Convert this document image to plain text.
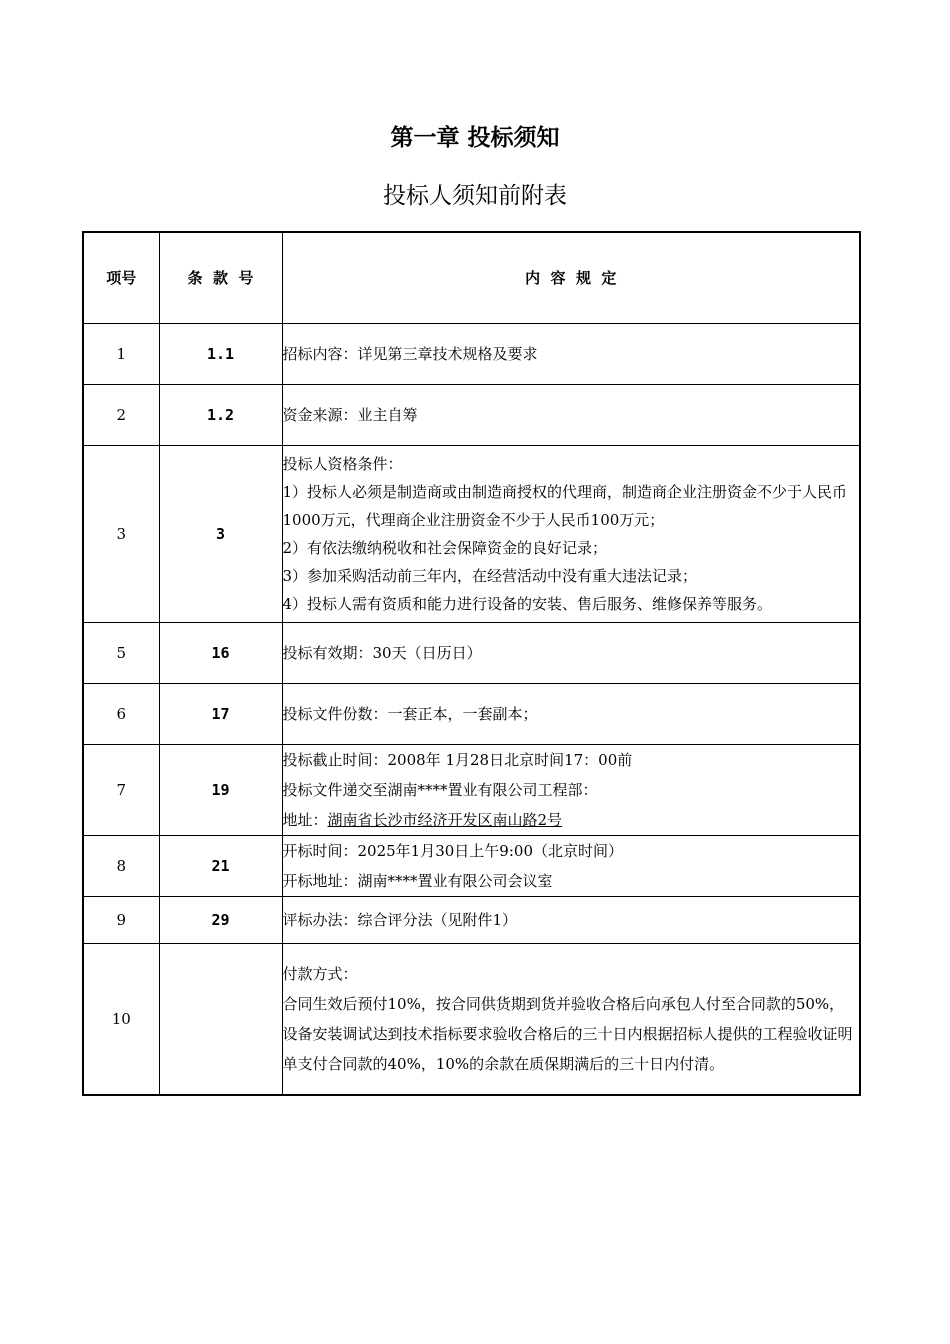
第一章 投标须知
投标人须知前附表
项号	条  款  号	内  容  规  定
1	1.1	招标内容：详见第三章技术规格及要求

2	1.2	资金来源：业主自筹

3	3	投标人资格条件：

1）投标人必须是制造商或由制造商授权的代理商，制造商企业注册资金不少于人民币1000万元，代理商企业注册资金不少于人民币100万元；

2）有依法缴纳税收和社会保障资金的良好记录；

3）参加采购活动前三年内，在经营活动中没有重大违法记录；

4）投标人需有资质和能力进行设备的安装、售后服务、维修保养等服务。

5	16	投标有效期：30天（日历日）

6	17	投标文件份数：一套正本，一套副本；

7	19	投标截止时间：2008年 1月28日北京时间17：00前

投标文件递交至湖南****置业有限公司工程部：

地址：湖南省长沙市经济开发区南山路2号

8	21	开标时间：2025年1月30日上午9:00（北京时间）

开标地址：湖南****置业有限公司会议室

9	29	评标办法：综合评分法（见附件1）

10		付款方式：

合同生效后预付10%，按合同供货期到货并验收合格后向承包人付至合同款的50%，设备安装调试达到技术指标要求验收合格后的三十日内根据招标人提供的工程验收证明单支付合同款的40%，10%的余款在质保期满后的三十日内付清。
